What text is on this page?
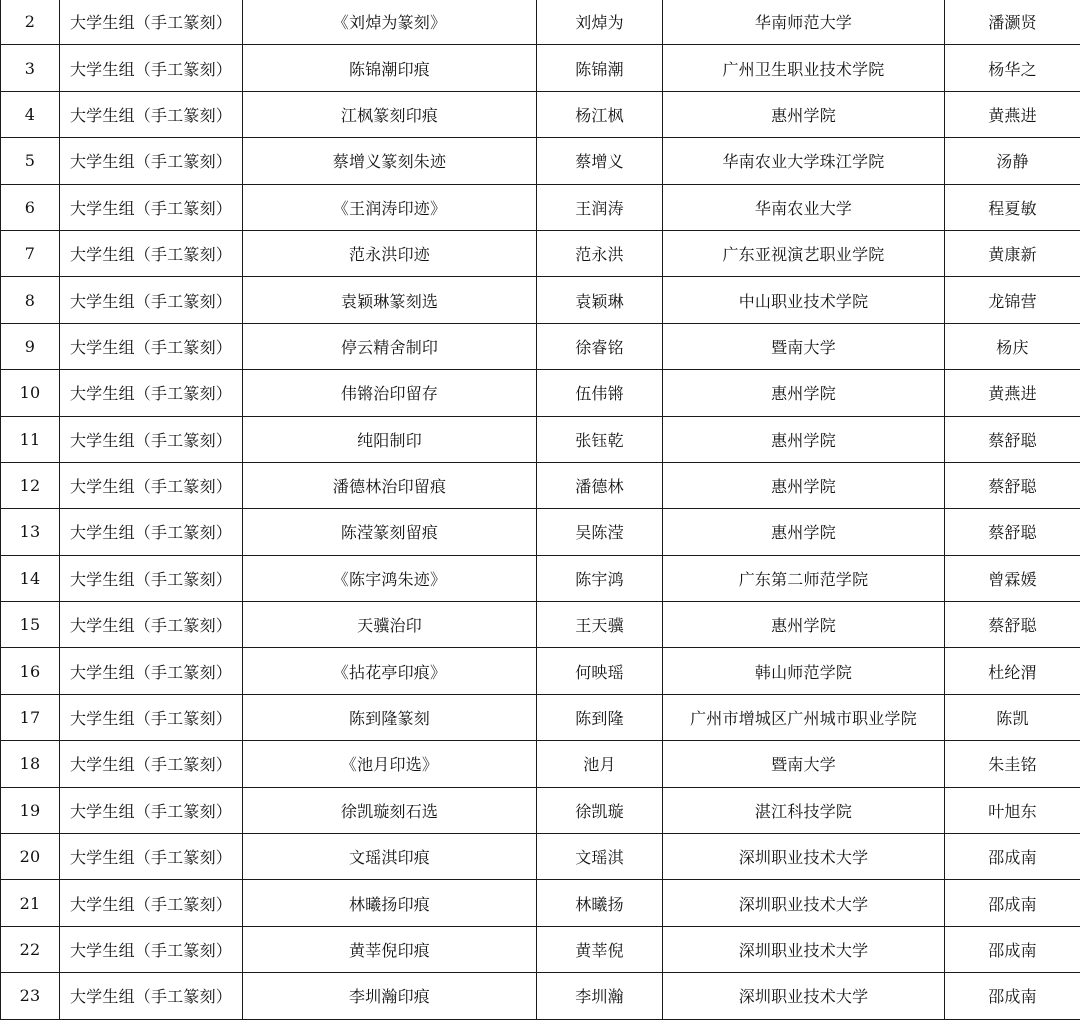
2	大学生组（手工篆刻）	《刘焯为篆刻》	刘焯为	华南师范大学	潘灏贤
3	大学生组（手工篆刻）	陈锦潮印痕	陈锦潮	广州卫生职业技术学院	杨华之
4	大学生组（手工篆刻）	江枫篆刻印痕	杨江枫	惠州学院	黄燕进
5	大学生组（手工篆刻）	蔡增义篆刻朱迹	蔡增义	华南农业大学珠江学院	汤静
6	大学生组（手工篆刻）	《王润涛印迹》	王润涛	华南农业大学	程夏敏
7	大学生组（手工篆刻）	范永洪印迹	范永洪	广东亚视演艺职业学院	黄康新
8	大学生组（手工篆刻）	袁颖琳篆刻选	袁颖琳	中山职业技术学院	龙锦营
9	大学生组（手工篆刻）	停云精舍制印	徐睿铭	暨南大学	杨庆
10	大学生组（手工篆刻）	伟锵治印留存	伍伟锵	惠州学院	黄燕进
11	大学生组（手工篆刻）	纯阳制印	张钰乾	惠州学院	蔡舒聪
12	大学生组（手工篆刻）	潘德林治印留痕	潘德林	惠州学院	蔡舒聪
13	大学生组（手工篆刻）	陈滢篆刻留痕	吴陈滢	惠州学院	蔡舒聪
14	大学生组（手工篆刻）	《陈宇鸿朱迹》	陈宇鸿	广东第二师范学院	曾霖媛
15	大学生组（手工篆刻）	天骥治印	王天骥	惠州学院	蔡舒聪
16	大学生组（手工篆刻）	《拈花亭印痕》	何映瑶	韩山师范学院	杜纶渭
17	大学生组（手工篆刻）	陈到隆篆刻	陈到隆	广州市增城区广州城市职业学院	陈凯
18	大学生组（手工篆刻）	《池月印选》	池月	暨南大学	朱圭铭
19	大学生组（手工篆刻）	徐凯璇刻石选	徐凯璇	湛江科技学院	叶旭东
20	大学生组（手工篆刻）	文瑶淇印痕	文瑶淇	深圳职业技术大学	邵成南
21	大学生组（手工篆刻）	林曦扬印痕	林曦扬	深圳职业技术大学	邵成南
22	大学生组（手工篆刻）	黄莘倪印痕	黄莘倪	深圳职业技术大学	邵成南
23	大学生组（手工篆刻）	李圳瀚印痕	李圳瀚	深圳职业技术大学	邵成南
